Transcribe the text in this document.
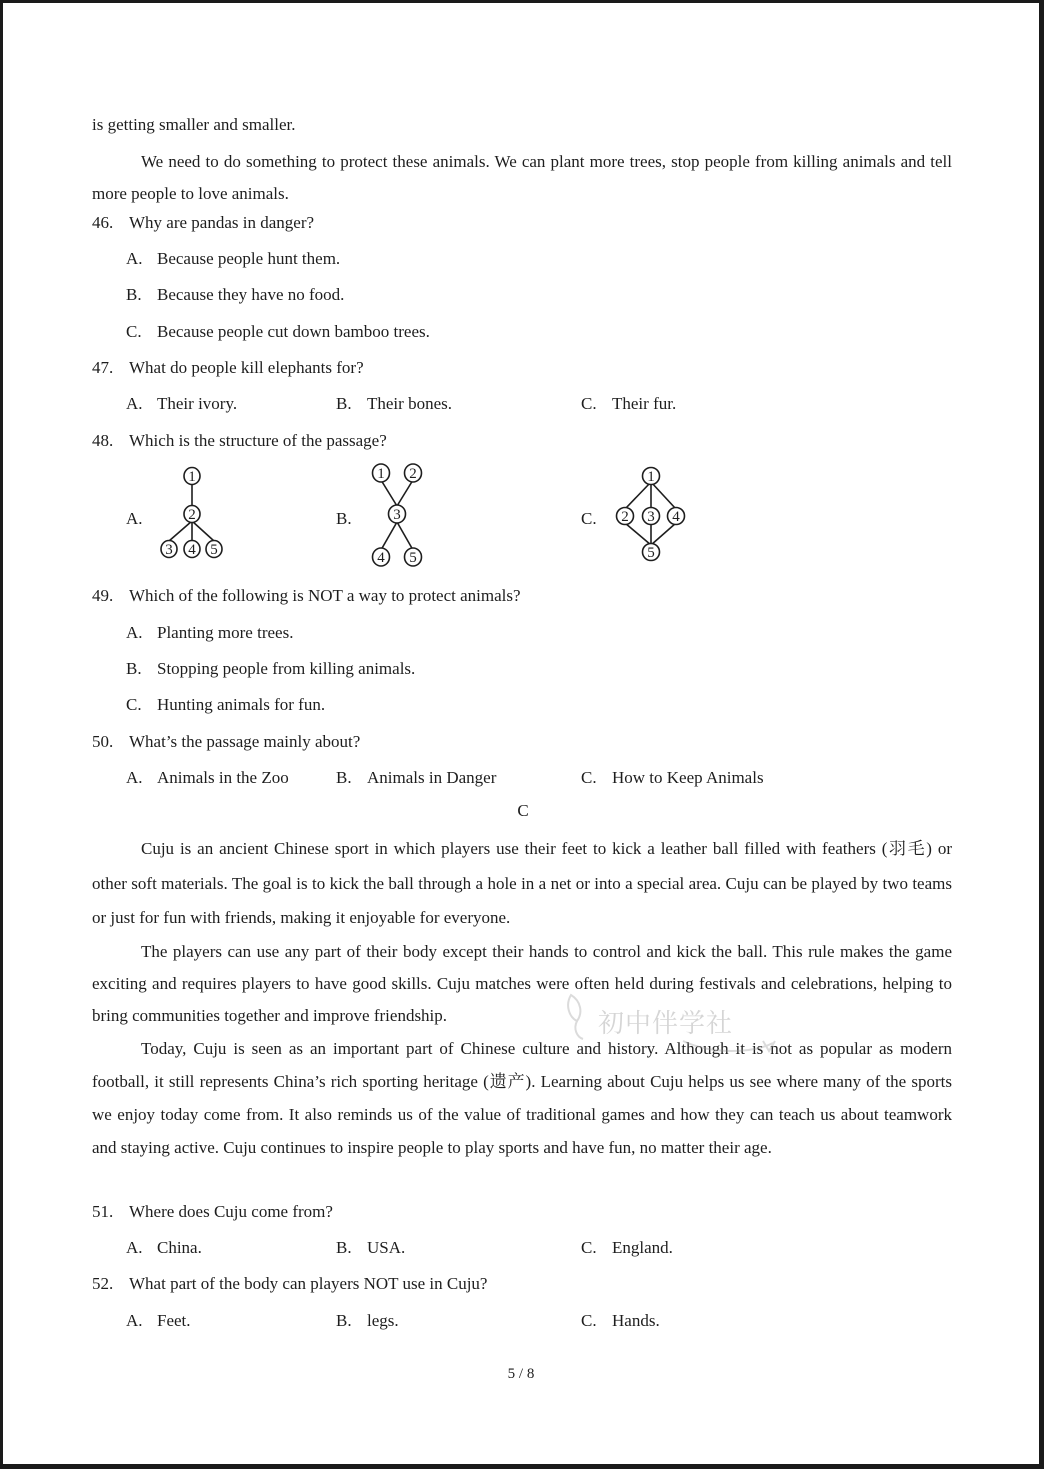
is getting smaller and smaller.

We need to do something to protect these animals. We can plant more trees, stop people from killing animals and tell more people to love animals.

46. Why are pandas in danger?
A. Because people hunt them.
B. Because they have no food.
C. Because people cut down bamboo trees.
47. What do people kill elephants for?
A. Their ivory.	B. Their bones.	C. Their fur.
48. Which is the structure of the passage?
A.
1
2
3 4 5
B.
1 2
3
4 5
C.
1
2 3 4
5
49. Which of the following is NOT a way to protect animals?
A. Planting more trees.
B. Stopping people from killing animals.
C. Hunting animals for fun.
50. What’s the passage mainly about?
A. Animals in the Zoo	B. Animals in Danger	C. How to Keep Animals
C

Cuju is an ancient Chinese sport in which players use their feet to kick a leather ball filled with feathers (羽毛) or other soft materials. The goal is to kick the ball through a hole in a net or into a special area. Cuju can be played by two teams or just for fun with friends, making it enjoyable for everyone.

The players can use any part of their body except their hands to control and kick the ball. This rule makes the game exciting and requires players to have good skills. Cuju matches were often held during festivals and celebrations, helping to bring communities together and improve friendship.

Today, Cuju is seen as an important part of Chinese culture and history. Although it is not as popular as modern football, it still represents China’s rich sporting heritage (遗产). Learning about Cuju helps us see where many of the sports we enjoy today come from. It also reminds us of the value of traditional games and how they can teach us about teamwork and staying active. Cuju continues to inspire people to play sports and have fun, no matter their age.

51. Where does Cuju come from?
A. China.	B. USA.	C. England.
52. What part of the body can players NOT use in Cuju?
A. Feet.	B. legs.	C. Hands.
初中伴学社
5 / 8
